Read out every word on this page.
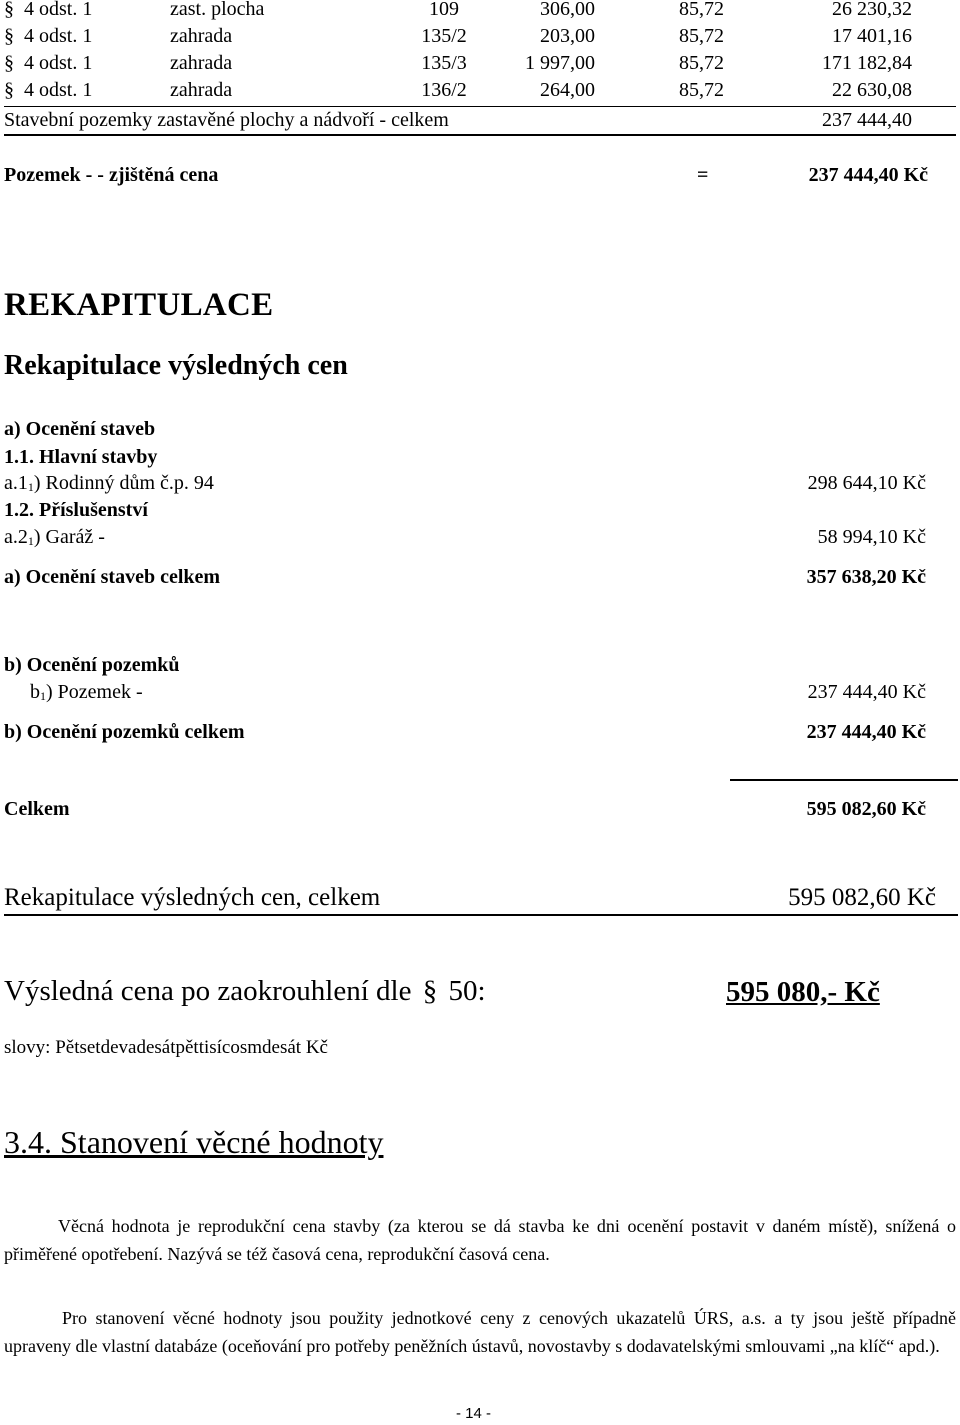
§ 4 odst. 1	zast. plocha	109	306,00	85,72	26 230,32
§ 4 odst. 1	zahrada	135/2	203,00	85,72	17 401,16
§ 4 odst. 1	zahrada	135/3	1 997,00	85,72	171 182,84
§ 4 odst. 1	zahrada	136/2	264,00	85,72	22 630,08
Stavební pozemky zastavěné plochy a nádvoří - celkem	237 444,40
Pozemek - - zjištěná cena	=	237 444,40 Kč
REKAPITULACE
Rekapitulace výsledných cen
a) Ocenění staveb
1.1. Hlavní stavby
$a.1_1$) Rodinný dům č.p. 94	298 644,10 Kč
1.2. Příslušenství
$a.2_1$) Garáž -	58 994,10 Kč
a) Ocenění staveb celkem	357 638,20 Kč
b) Ocenění pozemků
$b_1$) Pozemek -	237 444,40 Kč
b) Ocenění pozemků celkem	237 444,40 Kč
Celkem	595 082,60 Kč
Rekapitulace výsledných cen, celkem	595 082,60 Kč
Výsledná cena po zaokrouhlení dle § 50:	595 080,- Kč
slovy: Pětsetdevadesátpěttisícosmdesát Kč
3.4. Stanovení věcné hodnoty
Věcná hodnota je reprodukční cena stavby (za kterou se dá stavba ke dni ocenění postavit v daném místě), snížená o přiměřené opotřebení. Nazývá se též časová cena, reprodukční časová cena.
Pro stanovení věcné hodnoty jsou použity jednotkové ceny z cenových ukazatelů ÚRS, a.s. a ty jsou ještě případně upraveny dle vlastní databáze (oceňování pro potřeby peněžních ústavů, novostavby s dodavatelskými smlouvami „na klíč“ apd.).
- 14 -
